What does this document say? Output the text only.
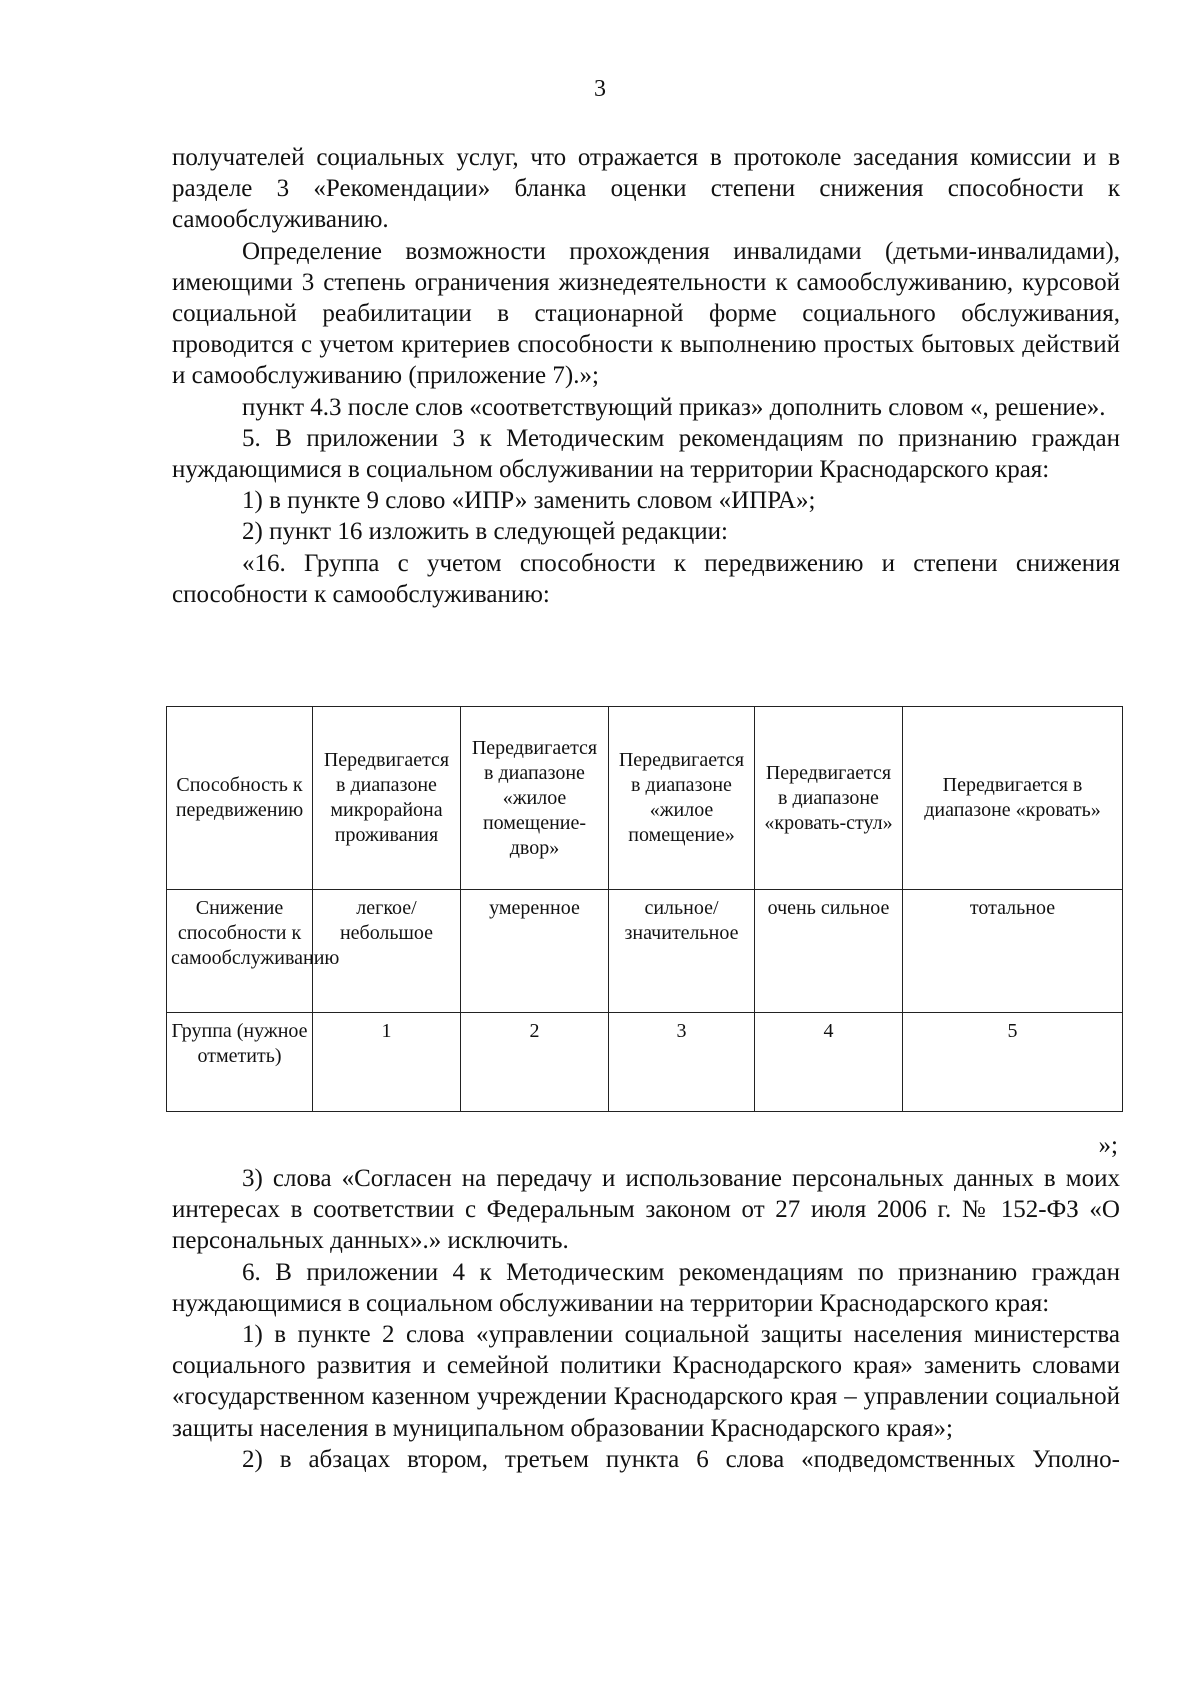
3

получателей социальных услуг, что отражается в протоколе заседания комиссии и в разделе 3 «Рекомендации» бланка оценки степени снижения способности к самообслуживанию.

Определение возможности прохождения инвалидами (детьми-инвалидами), имеющими 3 степень ограничения жизнедеятельности к самообслуживанию, курсовой социальной реабилитации в стационарной форме социального обслуживания, проводится с учетом критериев способности к выполнению простых бытовых действий и самообслуживанию (приложение 7).»;

пункт 4.3 после слов «соответствующий приказ» дополнить словом «, решение».

5. В приложении 3 к Методическим рекомендациям по признанию граждан нуждающимися в социальном обслуживании на территории Краснодарского края:

1) в пункте 9 слово «ИПР» заменить словом «ИПРА»;

2) пункт 16 изложить в следующей редакции:

«16. Группа с учетом способности к передвижению и степени снижения способности к самообслуживанию:

Способность к передвижению	Передвигается в диапазоне микрорайона проживания	Передвигается в диапазоне «жилое помещение-двор»	Передвигается в диапазоне «жилое помещение»	Передвигается в диапазоне «кровать-стул»	Передвигается в диапазоне «кровать»
Снижение способности к самообслуживанию	легкое/ небольшое	умеренное	сильное/ значительное	очень сильное	тотальное
Группа (нужное отметить)	1	2	3	4	5
»;

3) слова «Согласен на передачу и использование персональных данных в моих интересах в соответствии с Федеральным законом от 27 июля 2006 г. № 152-ФЗ «О персональных данных».» исключить.

6. В приложении 4 к Методическим рекомендациям по признанию граждан нуждающимися в социальном обслуживании на территории Краснодарского края:

1) в пункте 2 слова «управлении социальной защиты населения министерства социального развития и семейной политики Краснодарского края» заменить словами «государственном казенном учреждении Краснодарского края – управлении социальной защиты населения в муниципальном образовании Краснодарского края»;

2) в абзацах втором, третьем пункта 6 слова «подведомственных Уполно-
